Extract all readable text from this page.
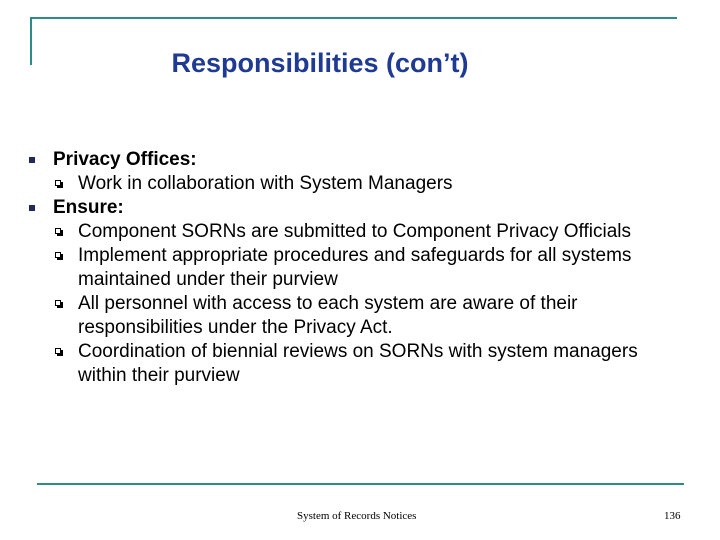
Responsibilities (con’t)
Privacy Offices:
Work in collaboration with System Managers
Ensure:
Component SORNs are submitted to Component Privacy Officials
Implement appropriate procedures and safeguards for all systems maintained under their purview
All personnel with access to each system are aware of their responsibilities under the Privacy Act.
Coordination of biennial reviews on SORNs with system managers within their purview
System of Records Notices	136
